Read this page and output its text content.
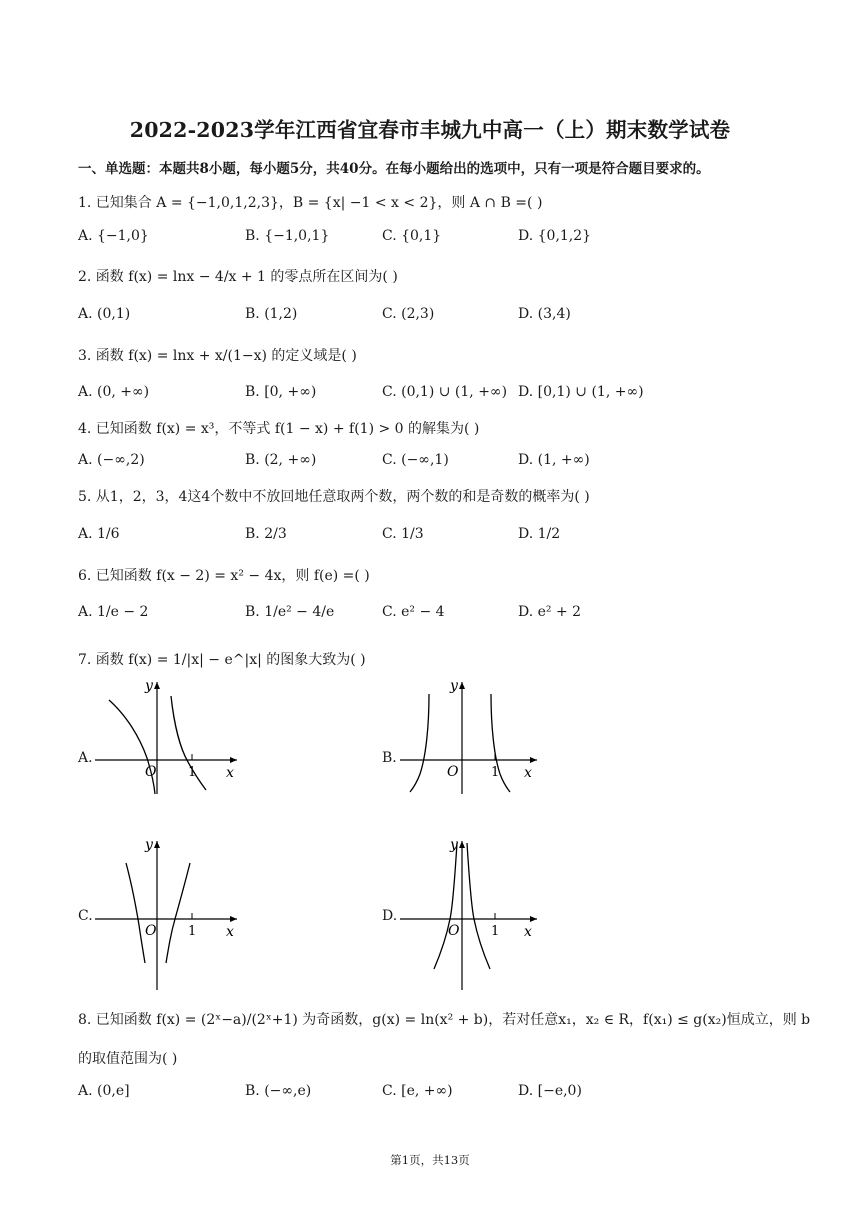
2022-2023学年江西省宜春市丰城九中高一（上）期末数学试卷
一、单选题：本题共8小题，每小题5分，共40分。在每小题给出的选项中，只有一项是符合题目要求的。
1. 已知集合 A = {−1,0,1,2,3}，B = {x| −1 < x < 2}，则 A ∩ B =( )
A. {−1,0}	B. {−1,0,1}	C. {0,1}	D. {0,1,2}
2. 函数 f(x) = lnx − 4/x + 1 的零点所在区间为( )
A. (0,1)	B. (1,2)	C. (2,3)	D. (3,4)
3. 函数 f(x) = lnx + x/(1−x) 的定义域是( )
A. (0, +∞)	B. [0, +∞)	C. (0,1) ∪ (1, +∞) D. [0,1) ∪ (1, +∞)
4. 已知函数 f(x) = x³，不等式 f(1 − x) + f(1) > 0 的解集为( )
A. (−∞,2)	B. (2, +∞)	C. (−∞,1)	D. (1, +∞)
5. 从1，2，3，4这4个数中不放回地任意取两个数，两个数的和是奇数的概率为( )
A. 1/6	B. 2/3	C. 1/3	D. 1/2
6. 已知函数 f(x − 2) = x² − 4x，则 f(e) =( )
A. 1/e − 2	B. 1/e² − 4/e	C. e² − 4	D. e² + 2
7. 函数 f(x) = 1/|x| − e^|x| 的图象大致为( )
A.
y
x
O 1
B.
y
x
O	1
C.
y
x
O 1
D.
y
x
O 1
8. 已知函数 f(x) = (2ˣ−a)/(2ˣ+1) 为奇函数，g(x) = ln(x² + b)，若对任意x₁，x₂ ∈ R，f(x₁) ≤ g(x₂)恒成立，则 b
的取值范围为( )
A. (0,e]	B. (−∞,e)	C. [e, +∞)	D. [−e,0)
第1页，共13页
